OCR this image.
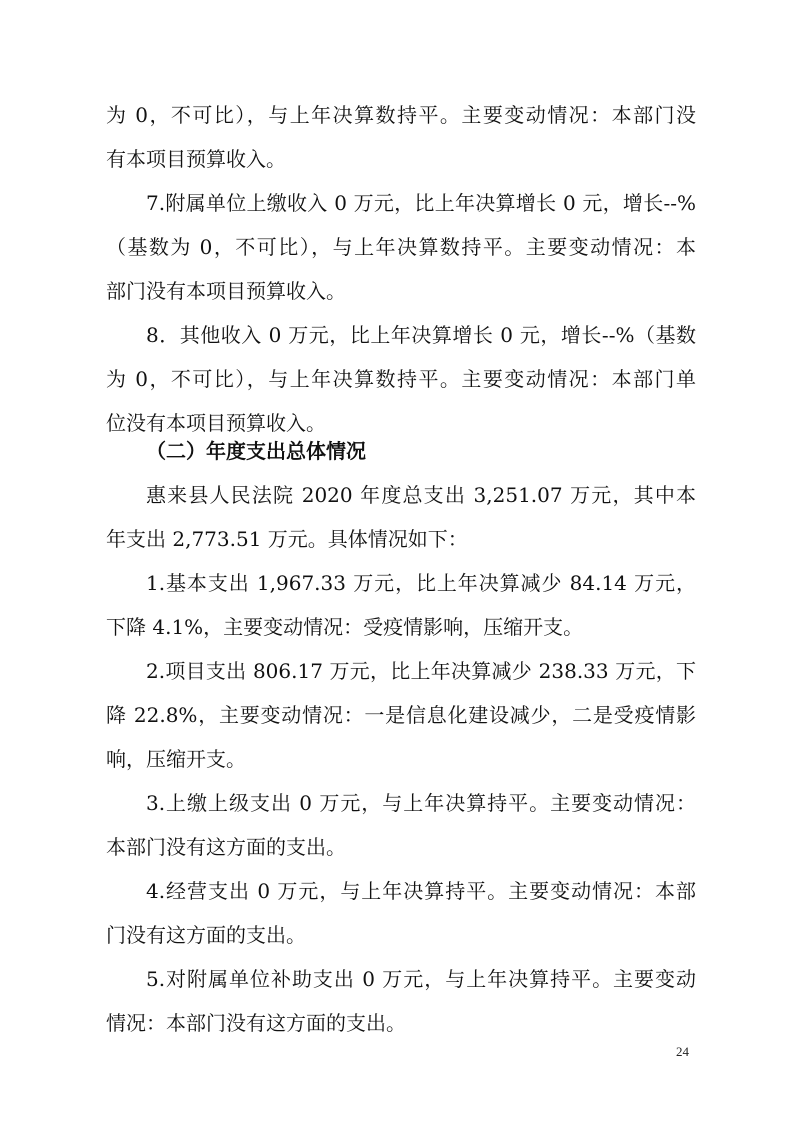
为 0，不可比），与上年决算数持平。主要变动情况：本部门没
有本项目预算收入。
7.附属单位上缴收入 0 万元，比上年决算增长 0 元，增长--%
（基数为 0，不可比），与上年决算数持平。主要变动情况：本
部门没有本项目预算收入。
8．其他收入 0 万元，比上年决算增长 0 元，增长--%（基数
为 0，不可比），与上年决算数持平。主要变动情况：本部门单
位没有本项目预算收入。
（二）年度支出总体情况
惠来县人民法院 2020 年度总支出 3,251.07 万元，其中本
年支出 2,773.51 万元。具体情况如下：
1.基本支出 1,967.33 万元，比上年决算减少 84.14 万元，
下降 4.1%，主要变动情况：受疫情影响，压缩开支。
2.项目支出 806.17 万元，比上年决算减少 238.33 万元，下
降 22.8%，主要变动情况：一是信息化建设减少，二是受疫情影
响，压缩开支。
3.上缴上级支出 0 万元，与上年决算持平。主要变动情况：
本部门没有这方面的支出。
4.经营支出 0 万元，与上年决算持平。主要变动情况：本部
门没有这方面的支出。
5.对附属单位补助支出 0 万元，与上年决算持平。主要变动
情况：本部门没有这方面的支出。
24
